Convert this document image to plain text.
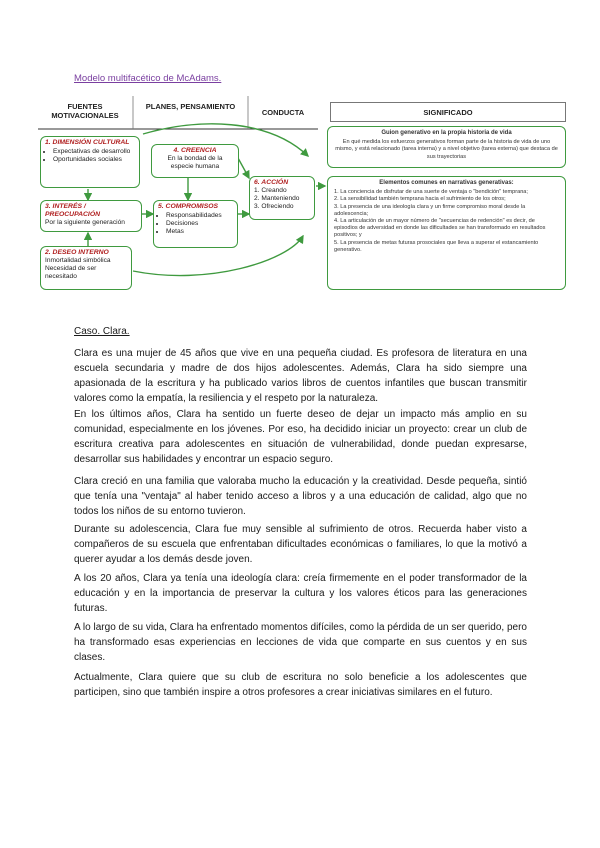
Modelo multifacético de McAdams.
FUENTES MOTIVACIONALES
PLANES, PENSAMIENTO
CONDUCTA	SIGNIFICADO
1. DIMENSIÓN CULTURAL
• Expectativas de desarrollo
• Oportunidades sociales
4. CREENCIA
En la bondad de la especie humana
3. INTERÉS / PREOCUPACIÓN
Por la siguiente generación
5. COMPROMISOS
• Responsabilidades
• Decisiones
• Metas
6. ACCIÓN
1. Creando
2. Manteniendo
3. Ofreciendo
2. DESEO INTERNO
Inmortalidad simbólica
Necesidad de ser necesitado
Guion generativo en la propia historia de vida
En qué medida los esfuerzos generativos forman parte de la historia de vida de uno mismo, y está relacionado (tarea interna) y a nivel objetivo (tarea externa) que destaca de sus trayectorias
Elementos comunes en narrativas generativas:
1. La conciencia de disfrutar de una suerte de ventaja o "bendición" temprana;
2. La sensibilidad también temprana hacia el sufrimiento de los otros;
3. La presencia de una ideología clara y un firme compromiso moral desde la adolescencia;
4. La articulación de un mayor número de "secuencias de redención" es decir, de episodios de adversidad en donde las dificultades se han transformado en resultados positivos; y
5. La presencia de metas futuras prosociales que lleva a superar el estancamiento generativo.
Caso. Clara.

Clara es una mujer de 45 años que vive en una pequeña ciudad. Es profesora de literatura en una escuela secundaria y madre de dos hijos adolescentes. Además, Clara ha sido siempre una apasionada de la escritura y ha publicado varios libros de cuentos infantiles que buscan transmitir valores como la empatía, la resiliencia y el respeto por la naturaleza.

En los últimos años, Clara ha sentido un fuerte deseo de dejar un impacto más amplio en su comunidad, especialmente en los jóvenes. Por eso, ha decidido iniciar un proyecto: crear un club de escritura creativa para adolescentes en situación de vulnerabilidad, donde puedan expresarse, desarrollar sus habilidades y encontrar un espacio seguro.

Clara creció en una familia que valoraba mucho la educación y la creatividad. Desde pequeña, sintió que tenía una "ventaja" al haber tenido acceso a libros y a una educación de calidad, algo que no todos los niños de su entorno tuvieron.

Durante su adolescencia, Clara fue muy sensible al sufrimiento de otros. Recuerda haber visto a compañeros de su escuela que enfrentaban dificultades económicas o familiares, lo que la motivó a querer ayudar a los demás desde joven.

A los 20 años, Clara ya tenía una ideología clara: creía firmemente en el poder transformador de la educación y en la importancia de preservar la cultura y los valores éticos para las generaciones futuras.

A lo largo de su vida, Clara ha enfrentado momentos difíciles, como la pérdida de un ser querido, pero ha transformado esas experiencias en lecciones de vida que comparte en sus cuentos y en sus clases.

Actualmente, Clara quiere que su club de escritura no solo beneficie a los adolescentes que participen, sino que también inspire a otros profesores a crear iniciativas similares en el futuro.
